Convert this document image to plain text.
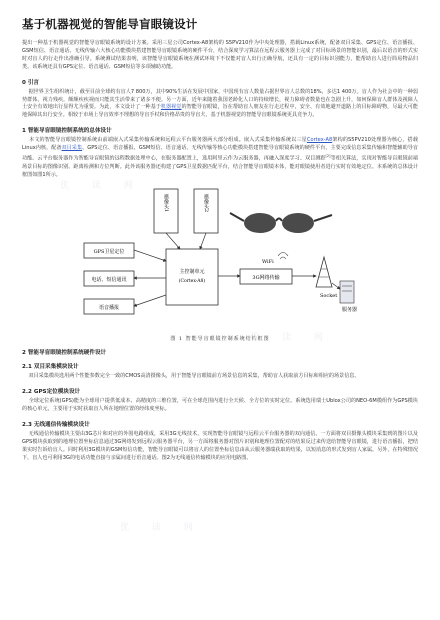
基于机器视觉的智能导盲眼镜设计

提出一种基于机器视觉的智能导盲眼镜系统的设计方案。采用三星公司Cortex-A8架构的 S5PV210作为中央处理器，搭载Linux系统，配备双目采集、GPS定位、语音播报、GSM短信、语音通话、无线传输六大核心功能模块搭建智能导盲眼镜系统的硬件平台，结合深度学习算法在远程云服务器上完成了对目标场景的智能识别，最后以语音的形式实时对盲人的行走作出准确引导。系统测试结果表明，该智能导盲眼镜系统在测试环境下不仅能对盲人出行正确导航，还具有一定的目标识别能力，能帮助盲人进行简易物品归类。该系统还具有GPS定位、语音通话、GSM短信等多项辅助功能。

0 引言

据世界卫生组织统计，截至目前全球约有盲人7 800万，其中90%生活在发展中国家，中国现有盲人数量占据世界盲人总数的18%，多达1 400万。盲人作为社会中的一种弱势群体，视力残疾，颇颇疾疾视而只能其生活带来了诸多不便。另一方面，近年来随着我国老龄化人口的持续增长，视力障碍者数量也在急剧上升，如何保障盲人群体及视障人士安全有效地出行显得尤为重要。为此，本文设计了一种基于机器视觉的智能导盲眼镜，旨在帮助盲人朋友在行走过程中，安全、有效地避开道路上的目标障碍物，尽最大可能地保障其出行安全。相较于市场上导盲效率不理想的导盲手杖和价格昂贵的导盲犬，基于机器视觉的智能导盲眼镜系统更具竞争力。

1 智能导盲眼镜控制系统的总体设计

本文的智能导盲眼镜控制系统由前端嵌入式采集传输系统和远程云平台服务器两大部分组成。嵌入式采集传输系统以三星Cortex-A8架构的S5PV210处理器为核心，搭载Linux内核，配备双目采集、GPS定位、语音播报、GSM短信、语音通话、无线传输等核心功能模块搭建智能导盲眼镜系统的硬件平台，主要完成信息采集传输和智能辅助导盲功能。云平台服务器作为智能导盲眼镜的远程数据处理中心，在服务器配置上，选用阿里云作为云服务器，再融入深度学习、双目测距[2]等相关算法，实现对智能导盲眼镜前端场景目标的图像识别、距离检测和方位判断。此外该服务器还构建了GPS卫星数据匹配平台，结合智能导盲眼镜本体，能对眼镜使用者进行实时有效地定位。本系统的总体设计框图如图1所示。

摄像头1	摄像头2
GPS卫星定位
电话、短信通讯
语音播报
主控制单元
(Cortex-A8)
3G网络传输
WiFi
Socket
服务器
图 1 智能导盲眼镜控制系统结构框图
2 智能导盲眼镜控制系统硬件设计
2.1 双目采集模块设计

双目采集模块选用两个性能参数完全一致的CMOS高清摄像头，用于智能导盲眼镜前方场景信息的采集，帮助盲人获取前方目标和相应的场景信息。

2.2 GPS定位模块设计

全球定位系统(GPS)能为全球用户提供低成本、高精度的三维位置，可在全球范围内进行全天候、全方位的实时定位。系统选用瑞士Ublox公司的NEO-6M模组作为GPS模块的核心单元，主要用于实时获取盲人所在地理位置的经纬度坐标。

2.3 无线通信传输模块设计

无线通信传输模块主要由3G芯片和对应的外围电路组成，采用3G无线技术，实现智能导盲眼镜与远程云平台服务器的双向通信。一方面将双目摄像头模块采集到的图片以及GPS模块获取到的地理位置坐标信息通过3G网络发到远程云服务器平台，另一方面将服务器对图片识别和地理位置配对的结果反过来传送给智能导盲眼镜，进行语音播报，把结果实时告诉给盲人。同时利用3G模块的GSM短信功能，智能导盲眼镜可以将盲人的位置坐标信息由从云服务器端获取的结果，以短消息的形式发到盲人家属。另外，在特殊情况下，盲人也可利用3G的电话功能直接与亲属间进行语音通话。图2为无线通信传输模块的应用电路图。

优 读 网
优 读 网
优 读 网
